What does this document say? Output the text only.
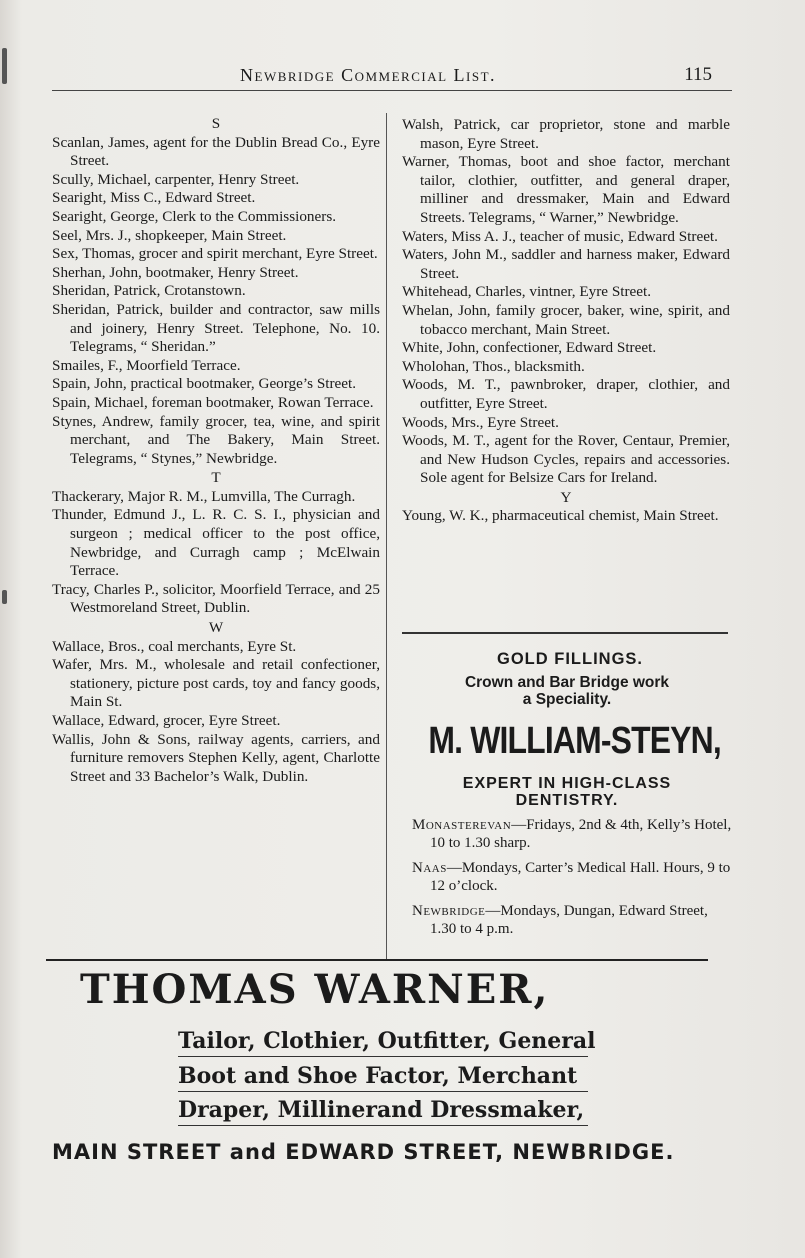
Newbridge Commercial List.	115
S
Scanlan, James, agent for the Dublin Bread Co., Eyre Street.
Scully, Michael, carpenter, Henry Street.
Searight, Miss C., Edward Street.
Searight, George, Clerk to the Commissioners.
Seel, Mrs. J., shopkeeper, Main Street.
Sex, Thomas, grocer and spirit merchant, Eyre Street.
Sherhan, John, bootmaker, Henry Street.
Sheridan, Patrick, Crotanstown.
Sheridan, Patrick, builder and contractor, saw mills and joinery, Henry Street. Telephone, No. 10. Telegrams, “ Sheridan.”
Smailes, F., Moorfield Terrace.
Spain, John, practical bootmaker, George’s Street.
Spain, Michael, foreman bootmaker, Rowan Terrace.
Stynes, Andrew, family grocer, tea, wine, and spirit merchant, and The Bakery, Main Street. Telegrams, “ Stynes,” Newbridge.
T
Thackerary, Major R. M., Lumvilla, The Curragh.
Thunder, Edmund J., L. R. C. S. I., physician and surgeon ; medical officer to the post office, Newbridge, and Curragh camp ; McElwain Terrace.
Tracy, Charles P., solicitor, Moorfield Terrace, and 25 Westmoreland Street, Dublin.
W
Wallace, Bros., coal merchants, Eyre St.
Wafer, Mrs. M., wholesale and retail confectioner, stationery, picture post cards, toy and fancy goods, Main St.
Wallace, Edward, grocer, Eyre Street.
Wallis, John & Sons, railway agents, carriers, and furniture removers Stephen Kelly, agent, Charlotte Street and 33 Bachelor’s Walk, Dublin.
Walsh, Patrick, car proprietor, stone and marble mason, Eyre Street.
Warner, Thomas, boot and shoe factor, merchant tailor, clothier, outfitter, and general draper, milliner and dressmaker, Main and Edward Streets. Telegrams, “ Warner,” Newbridge.
Waters, Miss A. J., teacher of music, Edward Street.
Waters, John M., saddler and harness maker, Edward Street.
Whitehead, Charles, vintner, Eyre Street.
Whelan, John, family grocer, baker, wine, spirit, and tobacco merchant, Main Street.
White, John, confectioner, Edward Street.
Wholohan, Thos., blacksmith.
Woods, M. T., pawnbroker, draper, clothier, and outfitter, Eyre Street.
Woods, Mrs., Eyre Street.
Woods, M. T., agent for the Rover, Centaur, Premier, and New Hudson Cycles, repairs and accessories. Sole agent for Belsize Cars for Ireland.
Y
Young, W. K., pharmaceutical chemist, Main Street.
GOLD FILLINGS.
Crown and Bar Bridge work
a Speciality.
M. WILLIAM-STEYN,
EXPERT IN HIGH-CLASS
DENTISTRY.
Monasterevan—Fridays, 2nd & 4th, Kelly’s Hotel, 10 to 1.30 sharp.
Naas—Mondays, Carter’s Medical Hall. Hours, 9 to 12 o’clock.
Newbridge—Mondays, Dungan, Edward Street, 1.30 to 4 p.m.
THOMAS WARNER,
Tailor, Clothier, Outfitter, General
Boot and Shoe Factor, Merchant
Draper, Millinerand Dressmaker,
MAIN STREET and EDWARD STREET, NEWBRIDGE.
